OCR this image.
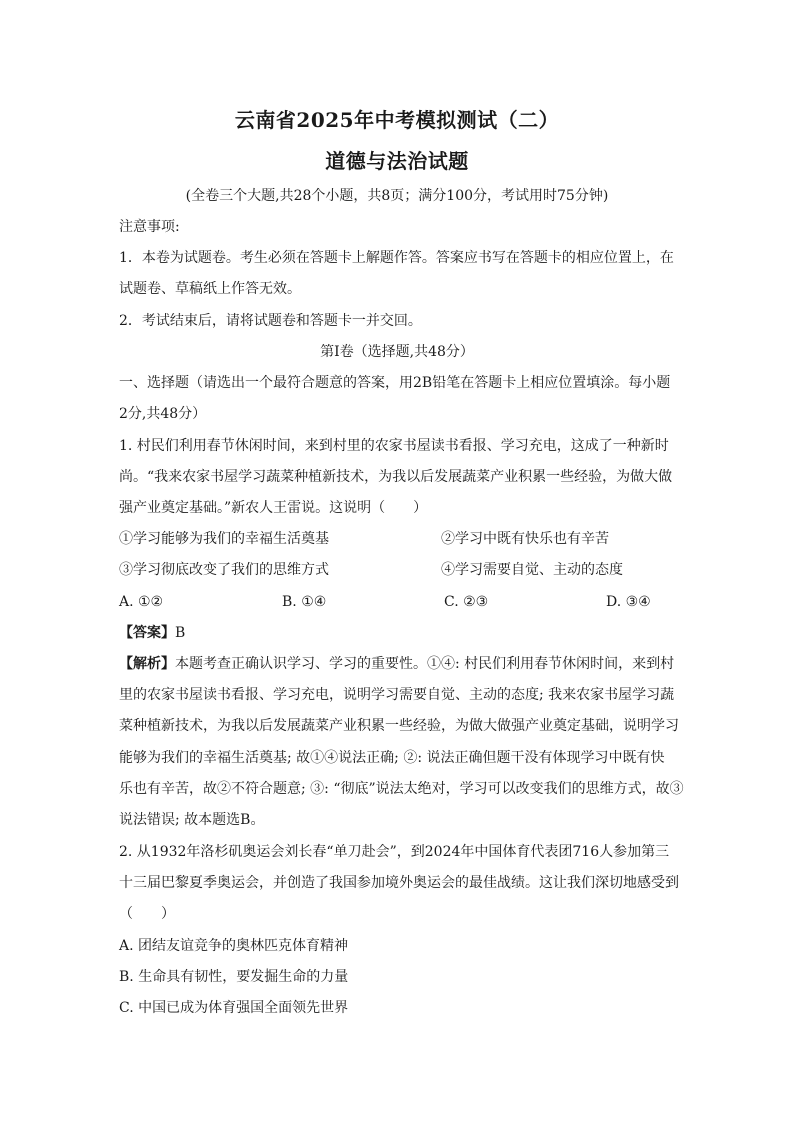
云南省2025年中考模拟测试（二）
道德与法治试题
(全卷三个大题,共28个小题，共8页；满分100分，考试用时75分钟)
注意事项:
1．本卷为试题卷。考生必须在答题卡上解题作答。答案应书写在答题卡的相应位置上，在
试题卷、草稿纸上作答无效。
2．考试结束后，请将试题卷和答题卡一并交回。
第Ⅰ卷（选择题,共48分）
一、选择题（请选出一个最符合题意的答案，用2B铅笔在答题卡上相应位置填涂。每小题
2分,共48分）
1. 村民们利用春节休闲时间，来到村里的农家书屋读书看报、学习充电，这成了一种新时
尚。“我来农家书屋学习蔬菜种植新技术，为我以后发展蔬菜产业积累一些经验，为做大做
强产业奠定基础。”新农人王雷说。这说明（　　）
①学习能够为我们的幸福生活奠基	②学习中既有快乐也有辛苦
③学习彻底改变了我们的思维方式	④学习需要自觉、主动的态度
A. ①②	B. ①④	C. ②③	D. ③④
【答案】B
【解析】本题考查正确认识学习、学习的重要性。①④: 村民们利用春节休闲时间，来到村
里的农家书屋读书看报、学习充电，说明学习需要自觉、主动的态度; 我来农家书屋学习蔬
菜种植新技术，为我以后发展蔬菜产业积累一些经验，为做大做强产业奠定基础，说明学习
能够为我们的幸福生活奠基; 故①④说法正确; ②: 说法正确但题干没有体现学习中既有快
乐也有辛苦，故②不符合题意; ③: “彻底”说法太绝对，学习可以改变我们的思维方式，故③
说法错误; 故本题选B。
2. 从1932年洛杉矶奥运会刘长春“单刀赴会”，到2024年中国体育代表团716人参加第三
十三届巴黎夏季奥运会，并创造了我国参加境外奥运会的最佳战绩。这让我们深切地感受到
（　　）
A. 团结友谊竞争的奥林匹克体育精神
B. 生命具有韧性，要发掘生命的力量
C. 中国已成为体育强国全面领先世界
